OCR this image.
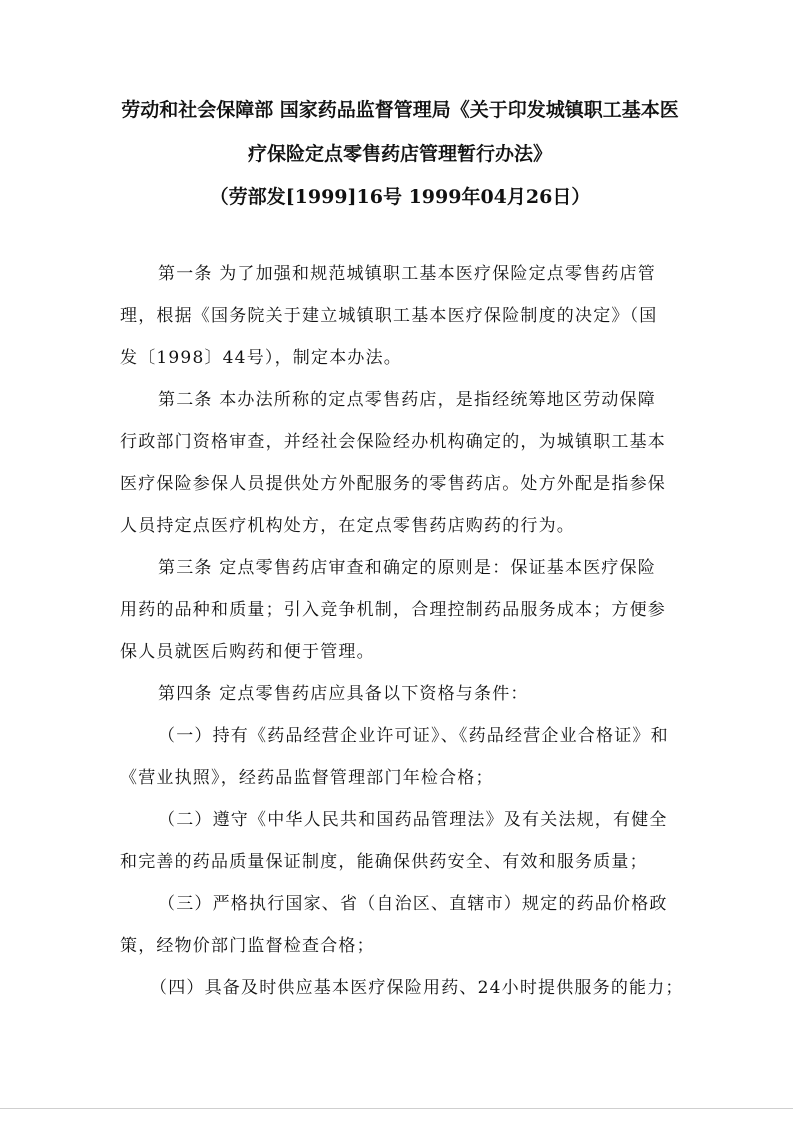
劳动和社会保障部 国家药品监督管理局《关于印发城镇职工基本医
疗保险定点零售药店管理暂行办法》
（劳部发[1999]16号 1999年04月26日）
第一条 为了加强和规范城镇职工基本医疗保险定点零售药店管
理，根据《国务院关于建立城镇职工基本医疗保险制度的决定》（国
发〔1998〕44号），制定本办法。
第二条 本办法所称的定点零售药店，是指经统筹地区劳动保障
行政部门资格审查，并经社会保险经办机构确定的，为城镇职工基本
医疗保险参保人员提供处方外配服务的零售药店。处方外配是指参保
人员持定点医疗机构处方，在定点零售药店购药的行为。
第三条 定点零售药店审查和确定的原则是：保证基本医疗保险
用药的品种和质量；引入竞争机制，合理控制药品服务成本；方便参
保人员就医后购药和便于管理。
第四条 定点零售药店应具备以下资格与条件：
（一）持有《药品经营企业许可证》、《药品经营企业合格证》和
《营业执照》，经药品监督管理部门年检合格；
（二）遵守《中华人民共和国药品管理法》及有关法规，有健全
和完善的药品质量保证制度，能确保供药安全、有效和服务质量；
（三）严格执行国家、省（自治区、直辖市）规定的药品价格政
策，经物价部门监督检查合格；
（四）具备及时供应基本医疗保险用药、24小时提供服务的能力；
